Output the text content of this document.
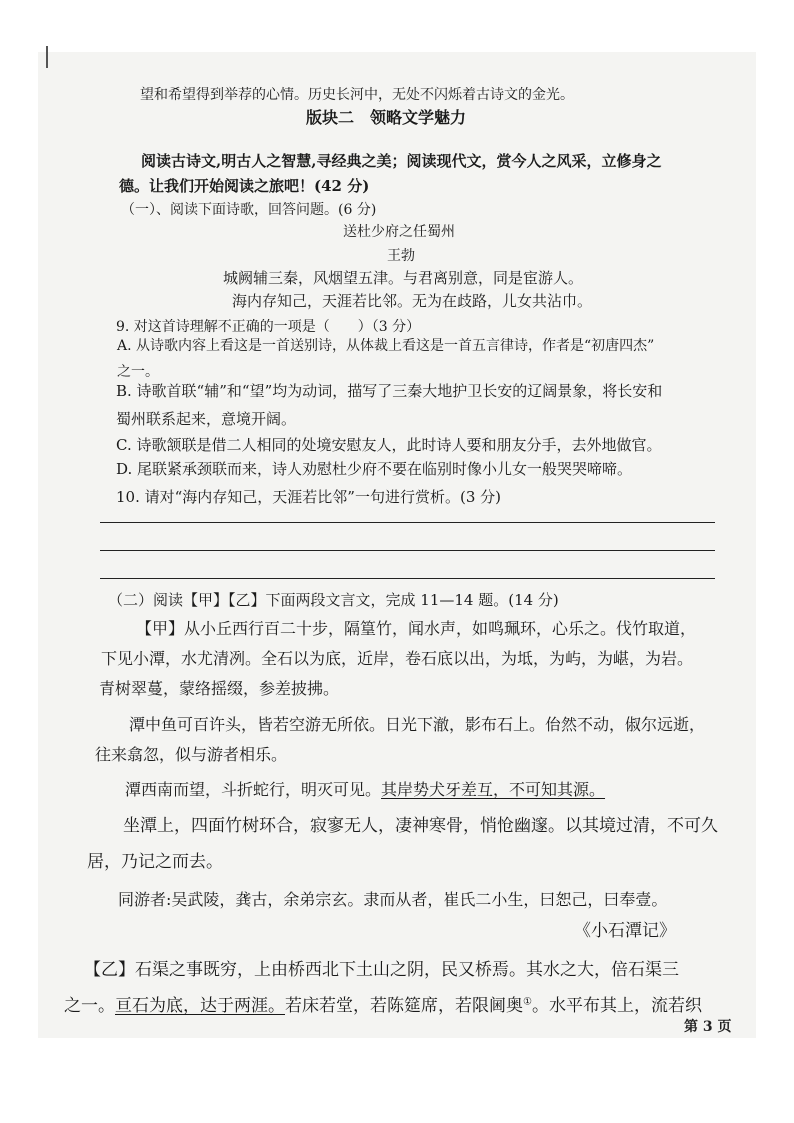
望和希望得到举荐的心情。历史长河中，无处不闪烁着古诗文的金光。
版块二　领略文学魅力
阅读古诗文,明古人之智慧,寻经典之美；阅读现代文，赏今人之风采，立修身之
德。让我们开始阅读之旅吧！(42 分)
（一）、阅读下面诗歌，回答问题。(6 分)
送杜少府之任蜀州
王勃
城阙辅三秦，风烟望五津。与君离别意，同是宦游人。
海内存知己，天涯若比邻。无为在歧路，儿女共沾巾。
9. 对这首诗理解不正确的一项是（　　）（3 分）
A. 从诗歌内容上看这是一首送别诗，从体裁上看这是一首五言律诗，作者是“初唐四杰”
之一。
B. 诗歌首联“辅”和“望”均为动词，描写了三秦大地护卫长安的辽阔景象，将长安和
蜀州联系起来，意境开阔。
C. 诗歌颔联是借二人相同的处境安慰友人，此时诗人要和朋友分手，去外地做官。
D. 尾联紧承颈联而来，诗人劝慰杜少府不要在临别时像小儿女一般哭哭啼啼。
10. 请对“海内存知己，天涯若比邻”一句进行赏析。(3 分)
（二）阅读【甲】【乙】下面两段文言文，完成 11—14 题。(14 分)
【甲】从小丘西行百二十步，隔篁竹，闻水声，如鸣珮环，心乐之。伐竹取道，
下见小潭，水尤清冽。全石以为底，近岸，卷石底以出，为坻，为屿，为嵁，为岩。
青树翠蔓，蒙络摇缀，参差披拂。
潭中鱼可百许头，皆若空游无所依。日光下澈，影布石上。佁然不动，俶尔远逝，
往来翕忽，似与游者相乐。
潭西南而望，斗折蛇行，明灭可见。其岸势犬牙差互，不可知其源。
坐潭上，四面竹树环合，寂寥无人，凄神寒骨，悄怆幽邃。以其境过清，不可久
居，乃记之而去。
同游者:吴武陵，龚古，余弟宗玄。隶而从者，崔氏二小生，曰恕己，曰奉壹。
《小石潭记》
【乙】石渠之事既穷，上由桥西北下土山之阴，民又桥焉。其水之大，倍石渠三
之一。亘石为底，达于两涯。若床若堂，若陈筵席，若限阃奥①。水平布其上，流若织
第 3 页
